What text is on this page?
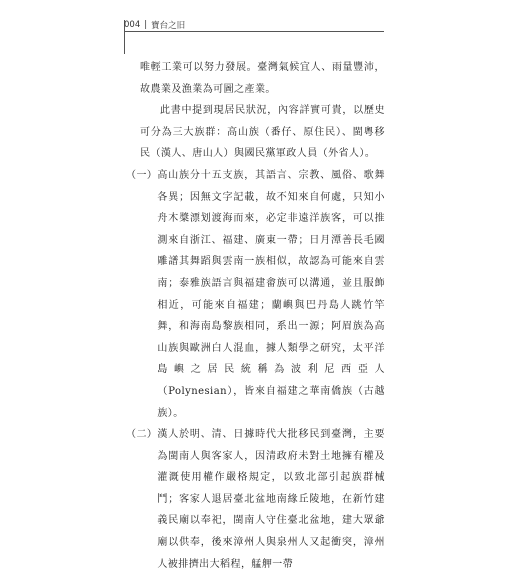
004 | 寶台之旧

唯輕工業可以努力發展。臺灣氣候宜人、雨量豐沛，故農業及漁業為可圖之產業。

此書中提到現居民狀況，內容詳實可貴，以歷史可分為三大族群：高山族（番仔、原住民）、閩粵移民（漢人、唐山人）與國民黨軍政人員（外省人）。

（一） 高山族分十五支族，其語言、宗教、風俗、歌舞各異；因無文字記載，故不知來自何處，只知小舟木槳漂划渡海而來，必定非遠洋族客，可以推測來自浙江、福建、廣東一帶；日月潭善長毛國雕譜其舞蹈與雲南一族相似，故認為可能來自雲南；泰雅族語言與福建畬族可以溝通，並且服飾相近，可能來自福建；蘭嶼與巴丹島人跳竹竿舞，和海南島黎族相同，系出一源；阿眉族為高山族與歐洲白人混血，據人類學之研究，太平洋島嶼之居民統稱為波利尼西亞人（Polynesian），皆來自福建之華南僑族（古越族）。
（二） 漢人於明、清、日據時代大批移民到臺灣，主要為閩南人與客家人，因清政府未對土地擁有權及灌溉使用權作嚴格規定，以致北部引起族群械鬥；客家人退居臺北盆地南緣丘陵地，在新竹建義民廟以奉祀，閩南人守住臺北盆地，建大眾爺廟以供奉，後來漳州人與泉州人又起衝突，漳州人被排擠出大稻程，艋舺一帶
